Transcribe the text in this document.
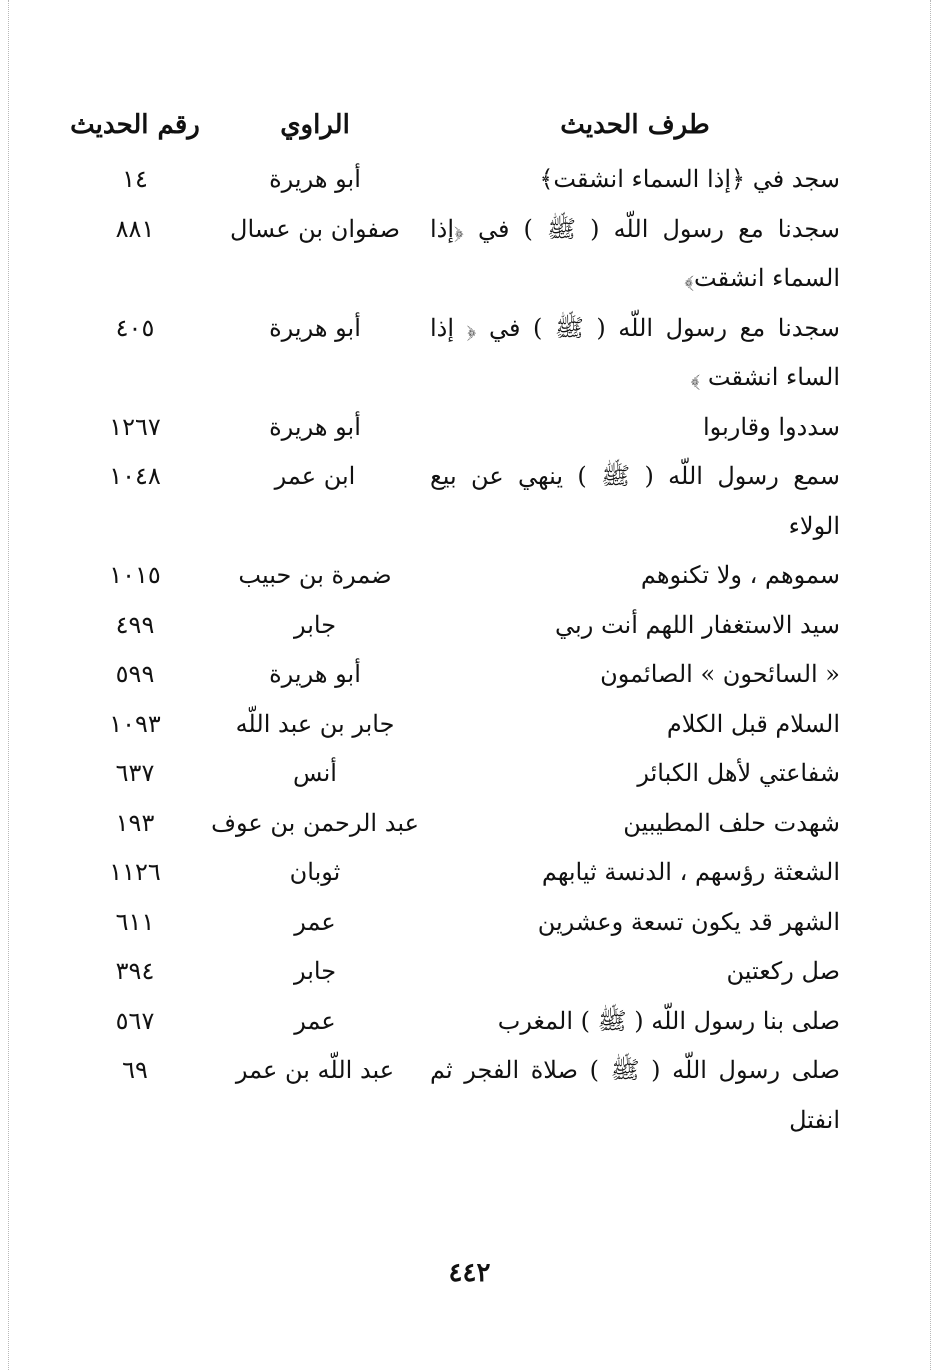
طرف الحديث
الراوي
رقم الحديث
سجد في ﴿إذا السماء انشقت﴾
أبو هريرة
١٤
سجدنا مع رسول اللّه ( ﷺ ) في ﴿إذا السماء انشقت﴾
صفوان بن عسال
٨٨١
سجدنا مع رسول اللّه ( ﷺ ) في ﴿ إذا الساء انشقت ﴾
أبو هريرة
٤٠٥
سددوا وقاربوا
أبو هريرة
١٢٦٧
سمع رسول اللّه ( ﷺ ) ينهي عن بيع الولاء
ابن عمر
١٠٤٨
سموهم ، ولا تكنوهم
ضمرة بن حبيب
١٠١٥
سيد الاستغفار اللهم أنت ربي
جابر
٤٩٩
« السائحون » الصائمون
أبو هريرة
٥٩٩
السلام قبل الكلام
جابر بن عبد اللّه
١٠٩٣
شفاعتي لأهل الكبائر
أنس
٦٣٧
شهدت حلف المطيبين
عبد الرحمن بن عوف
١٩٣
الشعثة رؤسهم ، الدنسة ثيابهم
ثوبان
١١٢٦
الشهر قد يكون تسعة وعشرين
عمر
٦١١
صل ركعتين
جابر
٣٩٤
صلى بنا رسول اللّه ( ﷺ ) المغرب
عمر
٥٦٧
صلى رسول اللّه ( ﷺ ) صلاة الفجر ثم انفتل
عبد اللّه بن عمر
٦٩
٤٤٢
